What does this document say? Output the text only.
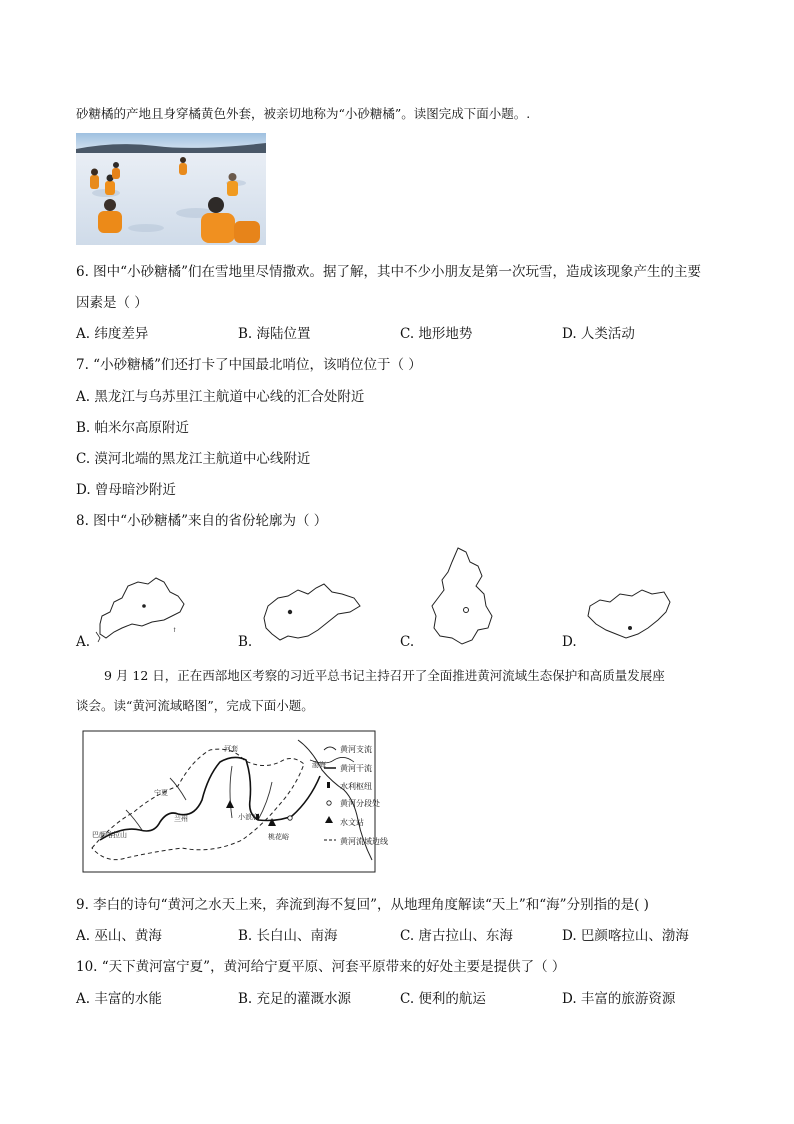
砂糖橘的产地且身穿橘黄色外套，被亲切地称为“小砂糖橘”。读图完成下面小题。.
6. 图中“小砂糖橘”们在雪地里尽情撒欢。据了解，其中不少小朋友是第一次玩雪，造成该现象产生的主要
因素是（ ）
A. 纬度差异	B. 海陆位置	C. 地形地势	D. 人类活动
7. “小砂糖橘”们还打卡了中国最北哨位，该哨位位于（ ）
A. 黑龙江与乌苏里江主航道中心线的汇合处附近
B. 帕米尔高原附近
C. 漠河北端的黑龙江主航道中心线附近
D. 曾母暗沙附近
8. 图中“小砂糖橘”来自的省份轮廓为（ ）
↑
A.	B.	C.	D.
9 月 12 日，正在西部地区考察的习近平总书记主持召开了全面推进黄河流域生态保护和高质量发展座
谈会。读“黄河流域略图”，完成下面小题。
渤海
兰州	小浪底
桃花峪
宁夏
河套
巴颜喀拉山
黄河支流
黄河干流
水利枢纽
黄河分段处
水文站
黄河流域边线
9. 李白的诗句“黄河之水天上来，奔流到海不复回”，从地理角度解读“天上”和“海”分别指的是( )
A. 巫山、黄海	B. 长白山、南海	C. 唐古拉山、东海	D. 巴颜喀拉山、渤海
10. “天下黄河富宁夏”，黄河给宁夏平原、河套平原带来的好处主要是提供了（ ）
A. 丰富的水能	B. 充足的灌溉水源	C. 便利的航运	D. 丰富的旅游资源
